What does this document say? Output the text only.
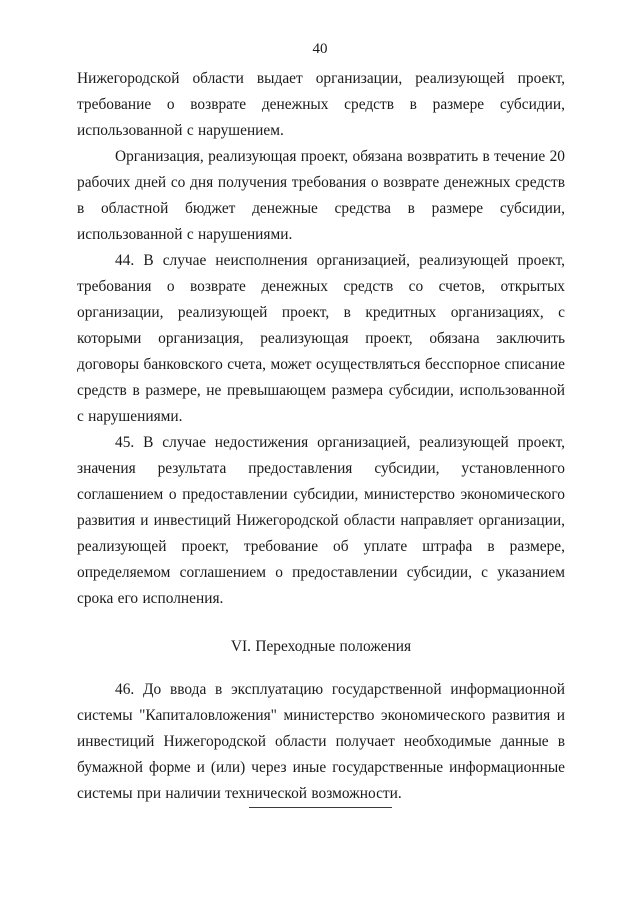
40

Нижегородской области выдает организации, реализующей проект, требование о возврате денежных средств в размере субсидии, использованной с нарушением.

Организация, реализующая проект, обязана возвратить в течение 20 рабочих дней со дня получения требования о возврате денежных средств в областной бюджет денежные средства в размере субсидии, использованной с нарушениями.

44. В случае неисполнения организацией, реализующей проект, требования о возврате денежных средств со счетов, открытых организации, реализующей проект, в кредитных организациях, с которыми организация, реализующая проект, обязана заключить договоры банковского счета, может осуществляться бесспорное списание средств в размере, не превышающем размера субсидии, использованной с нарушениями.

45. В случае недостижения организацией, реализующей проект, значения результата предоставления субсидии, установленного соглашением о предоставлении субсидии, министерство экономического развития и инвестиций Нижегородской области направляет организации, реализующей проект, требование об уплате штрафа в размере, определяемом соглашением о предоставлении субсидии, с указанием срока его исполнения.

VI. Переходные положения

46. До ввода в эксплуатацию государственной информационной системы "Капиталовложения" министерство экономического развития и инвестиций Нижегородской области получает необходимые данные в бумажной форме и (или) через иные государственные информационные системы при наличии технической возможности.
